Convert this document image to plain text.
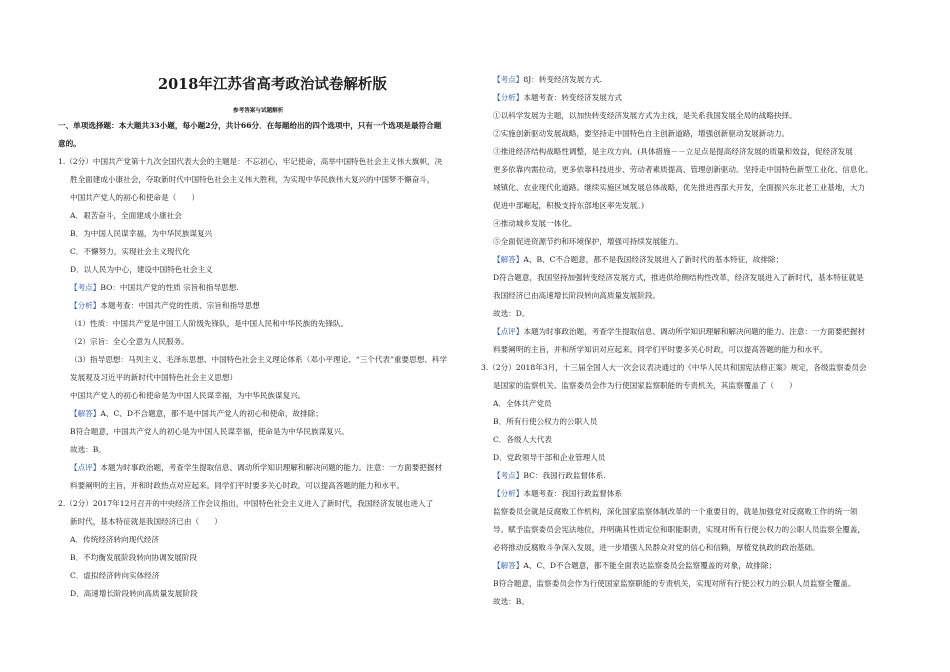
2018年江苏省高考政治试卷解析版
参考答案与试题解析
一、单项选择题：本大题共33小题，每小题2分，共计66分．在每题给出的四个选项中，只有一个选项是最符合题
意的。
1.（2分）中国共产党第十九次全国代表大会的主题是：不忘初心，牢记使命，高举中国特色社会主义伟大旗帜，决
胜全面建成小康社会，夺取新时代中国特色社会主义伟大胜利，为实现中华民族伟大复兴的中国梦不懈奋斗，
中国共产党人的初心和使命是（　　）
A．艰苦奋斗，全面建成小康社会
B．为中国人民谋幸福，为中华民族谋复兴
C．不懈努力，实现社会主义现代化
D．以人民为中心，建设中国特色社会主义
【考点】BO：中国共产党的性质 宗旨和指导思想.
【分析】本题考查：中国共产党的性质、宗旨和指导思想
（1）性质：中国共产党是中国工人阶级先锋队，是中国人民和中华民族的先锋队。
（2）宗旨：全心全意为人民服务。
（3）指导思想：马列主义、毛泽东思想、中国特色社会主义理论体系（邓小平理论、“三个代表”重要思想、科学
发展观及习近平的新时代中国特色社会主义思想）
中国共产党人的初心和使命是为中国人民谋幸福，为中华民族谋复兴。
【解答】A、C、D不合题意，都不是中国共产党人的初心和使命，故排除；
B符合题意，中国共产党人的初心是为中国人民谋幸福，使命是为中华民族谋复兴。
故选：B。
【点评】本题为时事政治题，考查学生提取信息、调动所学知识理解和解决问题的能力。注意：一方面要把握材
料要阐明的主旨，并和时政热点对应起来。同学们平时要多关心时政，可以提高答题的能力和水平。
2.（2分）2017年12月召开的中央经济工作会议指出，中国特色社会主义进入了新时代，我国经济发展也进入了
新时代，基本特征就是我国经济已由（　　）
A．传统经济转向现代经济
B．不均衡发展阶段转向协调发展阶段
C．虚拟经济转向实体经济
D．高速增长阶段转向高质量发展阶段
【考点】8J：转变经济发展方式.
【分析】本题考查：转变经济发展方式
①以科学发展为主题，以加快转变经济发展方式为主线，是关系我国发展全局的战略抉择。
②实施创新驱动发展战略，要坚持走中国特色自主创新道路，增强创新驱动发展新动力。
③推进经济结构战略性调整，是主攻方向。(具体措施－－立足点是提高经济发展的质量和效益，促经济发展
更多依靠内需拉动，更多依靠科技进步、劳动者素质提高、管理创新驱动。坚持走中国特色新型工业化、信息化、
城镇化、农业现代化道路。继续实施区域发展总体战略，优先推进西部大开发，全面振兴东北老工业基地，大力
促进中部崛起，积极支持东部地区率先发展。)
④推动城乡发展一体化。
⑤全面促进资源节约和环境保护，增强可持续发展能力。
【解答】A、B、C不合题意，都不是我国经济发展进入了新时代的基本特征，故排除；
D符合题意，我国坚持加强转变经济发展方式，推进供给侧结构性改革，经济发展进入了新时代，基本特征就是
我国经济已由高速增长阶段转向高质量发展阶段。
故选：D。
【点评】本题为时事政治题，考查学生提取信息、调动所学知识理解和解决问题的能力。注意：一方面要把握材
料要阐明的主旨，并和所学知识对应起来。同学们平时要多关心时政，可以提高答题的能力和水平。
3.（2分）2018年3月，十三届全国人大一次会议表决通过的《中华人民共和国宪法修正案》规定，各级监察委员会
是国家的监察机关。监察委员会作为行使国家监察职能的专责机关，其监察覆盖了（　　）
A．全体共产党员
B．所有行使公权力的公职人员
C．各级人大代表
D．党政领导干部和企业管理人员
【考点】BC：我国行政监督体系.
【分析】本题考查：我国行政监督体系
监察委员会就是反腐败工作机构，深化国家监察体制改革的一个重要目的，就是加强党对反腐败工作的统一领
导。赋予监察委员会宪法地位，并明确其性质定位和职能职责，实现对所有行使公权力的公职人员监察全覆盖，
必将推动反腐败斗争深入发展，进一步增强人民群众对党的信心和信赖，厚植党执政的政治基础。
【解答】A、C、D不合题意，都不能全面表达监察委员会监察覆盖的对象，故排除；
B符合题意，监察委员会作为行使国家监察职能的专责机关，实现对所有行使公权力的公职人员监察全覆盖。
故选：B。
